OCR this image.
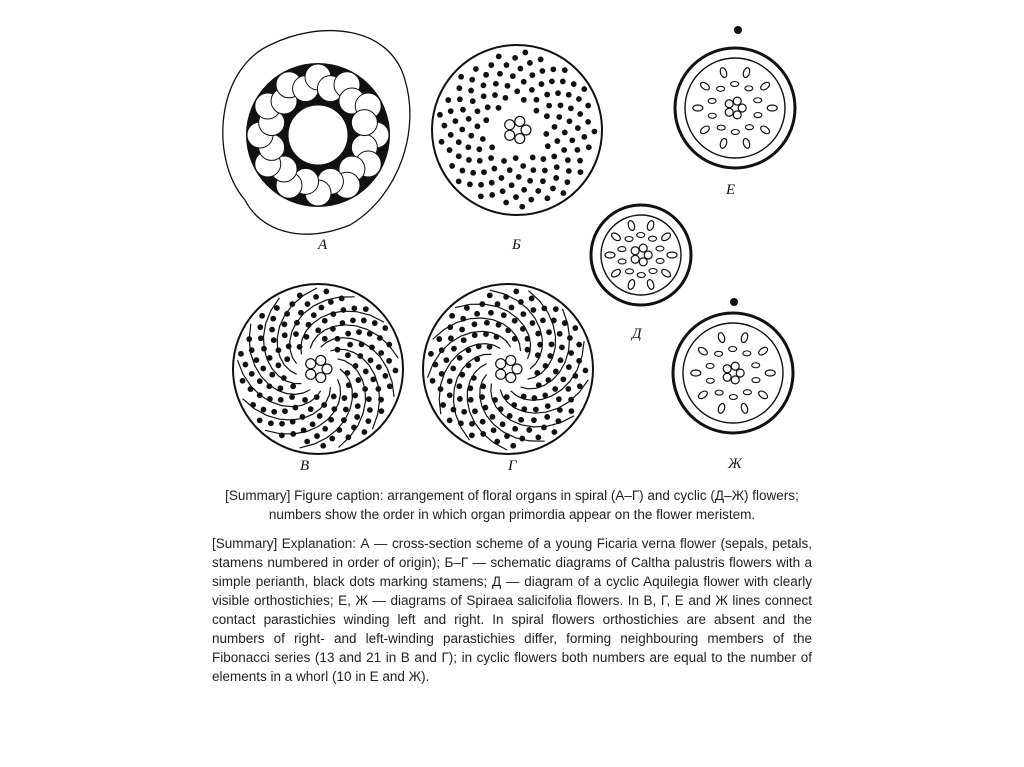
А	Б
Е
Д
В	Г	Ж

[Summary] Figure caption: arrangement of floral organs in spiral (А–Г) and cyclic (Д–Ж) flowers; numbers show the order in which organ primordia appear on the flower meristem.

[Summary] Explanation: А — cross-section scheme of a young Ficaria verna flower (sepals, petals, stamens numbered in order of origin); Б–Г — schematic diagrams of Caltha palustris flowers with a simple perianth, black dots marking stamens; Д — diagram of a cyclic Aquilegia flower with clearly visible orthostichies; Е, Ж — diagrams of Spiraea salicifolia flowers. In В, Г, Е and Ж lines connect contact parastichies winding left and right. In spiral flowers orthostichies are absent and the numbers of right- and left-winding parastichies differ, forming neighbouring members of the Fibonacci series (13 and 21 in В and Г); in cyclic flowers both numbers are equal to the number of elements in a whorl (10 in Е and Ж).
